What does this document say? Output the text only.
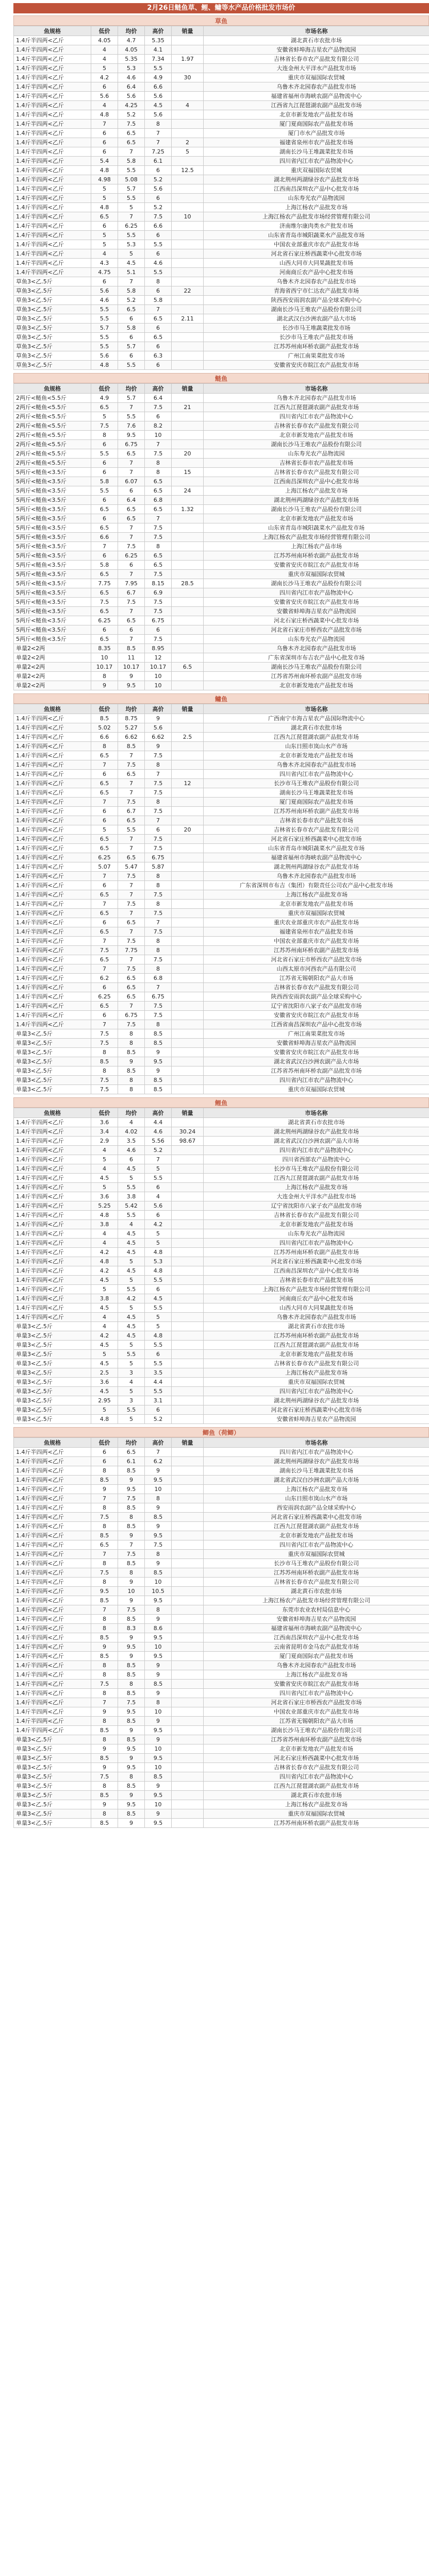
2月26日鲢鱼草、鲤、鳙等水产品价格批发市场价
草鱼
鱼规格	低价	均价	高价	销量	市场名称
1.4斤半四两<乙斤	4.05	4.7	5.35		湖北黄石市农批市场
1.4斤半四两<乙斤	4	4.05	4.1		安徽省蚌埠海吉星农产品物流园
1.4斤半四两<乙斤	4	5.35	7.34	1.97	吉林省长春市农产品批发有限公司
1.4斤半四两<乙斤	5	5.3	5.5		大连金州大平洋水产品批发市场
1.4斤半四两<乙斤	4.2	4.6	4.9	30	重庆市双福国际农贸城
1.4斤半四两<乙斤	6	6.4	6.6		乌鲁木齐北园春农产品批发市场
1.4斤半四两<乙斤	5.6	5.6	5.6		福建省福州市海峡农副产品物流中心
1.4斤半四两<乙斤	4	4.25	4.5	4	江西省九江琵琶湖农副产品批发市场
1.4斤半四两<乙斤	4.8	5.2	5.6		北京市新发地农产品批发市场
1.4斤半四两<乙斤	7	7.5	8		厦门夏商国际农产品批发市场
1.4斤半四两<乙斤	6	6.5	7		厦门市水产品批发市场
1.4斤半四两<乙斤	6	6.5	7	2	福建省泉州市农产品批发市场
1.4斤半四两<乙斤	6	7	7.25	5	湖南长沙马王堆蔬菜批发市场
1.4斤半四两<乙斤	5.4	5.8	6.1		四川省内江市农产品物流中心
1.4斤半四两<乙斤	4.8	5.5	6	12.5	重庆双福国际农贸城
1.4斤半四两<乙斤	4.98	5.08	5.2		湖北荆州两湖绿谷农产品批发市场
1.4斤半四两<乙斤	5	5.7	5.6		江西南昌深圳农产品中心批发市场
1.4斤半四两<乙斤	5	5.5	6		山东寿光农产品物流园
1.4斤半四两<乙斤	4.8	5	5.2		上海江杨农产品批发市场
1.4斤半四两<乙斤	6.5	7	7.5	10	上海江杨农产品批发市场经营管理有限公司
1.4斤半四两<乙斤	6	6.25	6.6		济南维尔康肉类水产批发市场
1.4斤半四两<乙斤	5	5.5	6		山东省青岛市城阳蔬菜水产品批发市场
1.4斤半四两<乙斤	5	5.3	5.5		中国农业部重庆市农产品批发市场
1.4斤半四两<乙斤	4	5	6		河北省石家庄桥西蔬菜中心批发市场
1.4斤半四两<乙斤	4.3	4.5	4.6		山西大同市大同果蔬批发市场
1.4斤半四两<乙斤	4.75	5.1	5.5		河南商丘农产品中心批发市场
草鱼3<乙.5斤	6	7	8		乌鲁木齐北园春农产品批发市场
草鱼3<乙.5斤	5.6	5.8	6	22	青海省西宁市仁达农产品批发市场
草鱼3<乙.5斤	4.6	5.2	5.8		陕西西安雨润农副产品全球采购中心
草鱼3<乙.5斤	5.5	6.5	7		湖南长沙马王堆农产品股份有限公司
草鱼3<乙.5斤	5.5	6	6.5	2.11	湖北武汉白沙洲农副产品大市场
草鱼3<乙.5斤	5.7	5.8	6		长沙市马王堆蔬菜批发市场
草鱼3<乙.5斤	5.5	6	6.5		长沙市马王堆农产品批发市场
草鱼3<乙.5斤	5.5	5.7	6		江苏苏州南环桥农副产品批发市场
草鱼3<乙.5斤	5.6	6	6.3		广州江南果菜批发市场
草鱼3<乙.5斤	4.8	5.5	6		安徽省安庆市皖江农产品批发市场
鲢鱼
鱼规格	低价	均价	高价	销量	市场名称
2两斤<鲢鱼<5.5斤	4.9	5.7	6.4		乌鲁木齐北园春农产品批发市场
2两斤<鲢鱼<5.5斤	6.5	7	7.5	21	江西九江琵琶湖农副产品批发市场
2两斤<鲢鱼<5.5斤	5	5.5	6		四川省内江市农产品物流中心
2两斤<鲢鱼<5.5斤	7.5	7.6	8.2		吉林省长春市农产品批发有限公司
2两斤<鲢鱼<5.5斤	8	9.5	10		北京市新发地农产品批发市场
2两斤<鲢鱼<5.5斤	6	6.75	7		湖南长沙马王堆农产品股份有限公司
2两斤<鲢鱼<5.5斤	5.5	6.5	7.5	20	山东寿光农产品物流园
2两斤<鲢鱼<5.5斤	6	7	8		吉林省长春市农产品批发市场
5两斤<鲢鱼<3.5斤	6	7	8	15	吉林省长春市农产品批发有限公司
5两斤<鲢鱼<3.5斤	5.8	6.07	6.5		江西南昌深圳农产品中心批发市场
5两斤<鲢鱼<3.5斤	5.5	6	6.5	24	上海江杨农产品批发市场
5两斤<鲢鱼<3.5斤	6	6.4	6.8		湖北荆州两湖绿谷农产品批发市场
5两斤<鲢鱼<3.5斤	6.5	6.5	6.5	1.32	湖南长沙马王堆农产品股份有限公司
5两斤<鲢鱼<3.5斤	6	6.5	7		北京市新发地农产品批发市场
5两斤<鲢鱼<3.5斤	6.5	7	7.5		山东省青岛市城阳蔬菜水产品批发市场
5两斤<鲢鱼<3.5斤	6.6	7	7.5		上海江杨农产品批发市场经营管理有限公司
5两斤<鲢鱼<3.5斤	7	7.5	8		上海江杨农产品市场
5两斤<鲢鱼<3.5斤	6	6.25	6.5		江苏苏州南环桥农副产品批发市场
5两斤<鲢鱼<3.5斤	5.8	6	6.5		安徽省安庆市皖江农产品批发市场
5两斤<鲢鱼<3.5斤	6.5	7	7.5		重庆市双福国际农贸城
5两斤<鲢鱼<3.5斤	7.75	7.95	8.15	28.5	湖南长沙马王堆农产品股份有限公司
5两斤<鲢鱼<3.5斤	6.5	6.7	6.9		四川省内江市农产品物流中心
5两斤<鲢鱼<3.5斤	7.5	7.5	7.5		安徽省安庆市皖江农产品批发市场
5两斤<鲢鱼<3.5斤	6.5	7	7.5		安徽省蚌埠海吉星农产品物流园
5两斤<鲢鱼<3.5斤	6.25	6.5	6.75		河北石家庄桥西蔬菜中心批发市场
5两斤<鲢鱼<3.5斤	6	6	6		河北省石家庄市桥西农产品批发市场
5两斤<鲢鱼<3.5斤	6.5	7	7.5		山东寿光农产品物流园
单量2<2两	8.35	8.5	8.95		乌鲁木齐北园春农产品批发市场
单量2<2两	10	11	12		广东省深圳市布吉农产品中心批发市场
单量2<2两	10.17	10.17	10.17	6.5	湖南长沙马王堆农产品股份有限公司
单量2<2两	8	9	10		江苏省苏州南环桥农副产品批发市场
单量2<2两	9	9.5	10		北京市新发地农产品批发市场
鳙鱼
鱼规格	低价	均价	高价	销量	市场名称
1.4斤半四两<乙斤	8.5	8.75	9		广西南宁市海吉星农产品国际物流中心
1.4斤半四两<乙斤	5.02	5.27	5.6		湖北黄石市农批市场
1.4斤半四两<乙斤	6.6	6.62	6.62	2.5	江西九江琵琶湖农副产品批发市场
1.4斤半四两<乙斤	8	8.5	9		山东日照市岚山水产市场
1.4斤半四两<乙斤	6.5	7	7.5		北京市新发地农产品批发市场
1.4斤半四两<乙斤	7	7.5	8		乌鲁木齐北园春农产品批发市场
1.4斤半四两<乙斤	6	6.5	7		四川省内江市农产品物流中心
1.4斤半四两<乙斤	6.5	7	7.5	12	长沙市马王堆农产品股份有限公司
1.4斤半四两<乙斤	6.5	7	7.5		湖南长沙马王堆蔬菜批发市场
1.4斤半四两<乙斤	7	7.5	8		厦门夏商国际农产品批发市场
1.4斤半四两<乙斤	6	6.7	7.5		江苏苏州南环桥农副产品批发市场
1.4斤半四两<乙斤	6	6.5	7		吉林省长春市农产品批发市场
1.4斤半四两<乙斤	5	5.5	6	20	吉林省长春市农产品批发有限公司
1.4斤半四两<乙斤	6.5	7	7.5		河北省石家庄桥西蔬菜中心批发市场
1.4斤半四两<乙斤	6.5	7	7.5		山东省青岛市城阳蔬菜水产品批发市场
1.4斤半四两<乙斤	6.25	6.5	6.75		福建省福州市海峡农副产品物流中心
1.4斤半四两<乙斤	5.07	5.47	5.87		湖北荆州两湖绿谷农产品批发市场
1.4斤半四两<乙斤	7	7.5	8		乌鲁木齐北园春农产品批发市场
1.4斤半四两<乙斤	6	7	8		广东省深圳市布吉（集团）有限责任公司农产品中心批发市场
1.4斤半四两<乙斤	6.5	7	7.5		上海江杨农产品批发市场
1.4斤半四两<乙斤	7	7.5	8		北京市新发地农产品批发市场
1.4斤半四两<乙斤	6.5	7	7.5		重庆市双福国际农贸城
1.4斤半四两<乙斤	6	6.5	7		重庆农业部重庆市农产品批发市场
1.4斤半四两<乙斤	6.5	7	7.5		福建省泉州市农产品批发市场
1.4斤半四两<乙斤	7	7.5	8		中国农业部重庆市农产品批发市场
1.4斤半四两<乙斤	7.5	7.75	8		江苏苏州南环桥农副产品批发市场
1.4斤半四两<乙斤	6.5	7	7.5		河北省石家庄市桥西农产品批发市场
1.4斤半四两<乙斤	7	7.5	8		山西太原市河西农产品有限公司
1.4斤半四两<乙斤	6.2	6.5	6.8		江苏省无锡朝阳农产品大市场
1.4斤半四两<乙斤	6	6.5	7		吉林省长春市农产品批发有限公司
1.4斤半四两<乙斤	6.25	6.5	6.75		陕西西安雨润农副产品全球采购中心
1.4斤半四两<乙斤	6.5	7	7.5		辽宁省沈阳市八家子农产品批发市场
1.4斤半四两<乙斤	6	6.75	7.5		安徽省安庆市皖江农产品批发市场
1.4斤半四两<乙斤	7	7.5	8		江西省南昌深圳农产品中心批发市场
单量3<乙.5斤	7.5	8	8.5		广州江南果菜批发市场
单量3<乙.5斤	7.5	8	8.5		安徽省蚌埠海吉星农产品物流园
单量3<乙.5斤	8	8.5	9		安徽省安庆市皖江农产品批发市场
单量3<乙.5斤	8.5	9	9.5		湖北省武汉白沙洲农副产品大市场
单量3<乙.5斤	8	8.5	9		江苏省苏州南环桥农副产品批发市场
单量3<乙.5斤	7.5	8	8.5		四川省内江市农产品物流中心
单量3<乙.5斤	7.5	8	8.5		重庆市双福国际农贸城
鲤鱼
鱼规格	低价	均价	高价	销量	市场名称
1.4斤半四两<乙斤	3.6	4	4.4		湖北省黄石市农批市场
1.4斤半四两<乙斤	3.4	4.02	4.6	30.24	湖北荆州两湖绿谷农产品批发市场
1.4斤半四两<乙斤	2.9	3.5	5.56	98.67	湖北省武汉白沙洲农副产品大市场
1.4斤半四两<乙斤	4	4.6	5.2		四川省内江市农产品物流中心
1.4斤半四两<乙斤	5	6	7		四川省西部农产品物流中心
1.4斤半四两<乙斤	4	4.5	5		长沙市马王堆农产品股份有限公司
1.4斤半四两<乙斤	4.5	5	5.5		江西九江琵琶湖农副产品批发市场
1.4斤半四两<乙斤	5	5.5	6		上海江杨农产品批发市场
1.4斤半四两<乙斤	3.6	3.8	4		大连金州大平洋水产品批发市场
1.4斤半四两<乙斤	5.25	5.42	5.6		辽宁省沈阳市八家子农产品批发市场
1.4斤半四两<乙斤	4.8	5.5	6		吉林省长春市农产品批发有限公司
1.4斤半四两<乙斤	3.8	4	4.2		北京市新发地农产品批发市场
1.4斤半四两<乙斤	4	4.5	5		山东寿光农产品物流园
1.4斤半四两<乙斤	4	4.5	5		四川省内江市农产品物流中心
1.4斤半四两<乙斤	4.2	4.5	4.8		江苏苏州南环桥农副产品批发市场
1.4斤半四两<乙斤	4.8	5	5.3		河北省石家庄桥西蔬菜中心批发市场
1.4斤半四两<乙斤	4.2	4.5	4.8		江西南昌深圳农产品中心批发市场
1.4斤半四两<乙斤	4.5	5	5.5		吉林省长春市农产品批发市场
1.4斤半四两<乙斤	5	5.5	6		上海江杨农产品批发市场经营管理有限公司
1.4斤半四两<乙斤	3.8	4.2	4.5		河南商丘农产品中心批发市场
1.4斤半四两<乙斤	4.5	5	5.5		山西大同市大同果蔬批发市场
1.4斤半四两<乙斤	4	4.5	5		乌鲁木齐北园春农产品批发市场
单量3<乙.5斤	4	4.5	5		湖北省黄石市农批市场
单量3<乙.5斤	4.2	4.5	4.8		江苏苏州南环桥农副产品批发市场
单量3<乙.5斤	4.5	5	5.5		江西九江琵琶湖农副产品批发市场
单量3<乙.5斤	5	5.5	6		北京市新发地农产品批发市场
单量3<乙.5斤	4.5	5	5.5		吉林省长春市农产品批发有限公司
单量3<乙.5斤	2.5	3	3.5		上海江杨农产品批发市场
单量3<乙.5斤	3.6	4	4.4		重庆市双福国际农贸城
单量3<乙.5斤	4.5	5	5.5		四川省内江市农产品物流中心
单量3<乙.5斤	2.95	3	3.1		湖北荆州两湖绿谷农产品批发市场
单量3<乙.5斤	5	5.5	6		河北省石家庄桥西蔬菜中心批发市场
单量3<乙.5斤	4.8	5	5.2		安徽省蚌埠海吉星农产品物流园
鲫鱼（荷鲫）
鱼规格	低价	均价	高价	销量	市场名称
1.4斤半四两<乙斤	6	6.5	7		四川省内江市农产品物流中心
1.4斤半四两<乙斤	6	6.1	6.2		湖北荆州两湖绿谷农产品批发市场
1.4斤半四两<乙斤	8	8.5	9		湖南长沙马王堆蔬菜批发市场
1.4斤半四两<乙斤	8.5	9	9.5		湖北省武汉白沙洲农副产品大市场
1.4斤半四两<乙斤	9	9.5	10		上海江杨农产品批发市场
1.4斤半四两<乙斤	7	7.5	8		山东日照市岚山水产市场
1.4斤半四两<乙斤	8	8.5	9		西安雨润农副产品全球采购中心
1.4斤半四两<乙斤	7.5	8	8.5		河北省石家庄桥西蔬菜中心批发市场
1.4斤半四两<乙斤	8	8.5	9		江西九江琵琶湖农副产品批发市场
1.4斤半四两<乙斤	8.5	9	9.5		北京市新发地农产品批发市场
1.4斤半四两<乙斤	6.5	7	7.5		四川省内江市农产品物流中心
1.4斤半四两<乙斤	7	7.5	8		重庆市双福国际农贸城
1.4斤半四两<乙斤	8	8.5	9		长沙市马王堆农产品股份有限公司
1.4斤半四两<乙斤	7.5	8	8.5		江苏苏州南环桥农副产品批发市场
1.4斤半四两<乙斤	8	9	10		吉林省长春市农产品批发有限公司
1.4斤半四两<乙斤	9.5	10	10.5		湖北黄石市农批市场
1.4斤半四两<乙斤	8.5	9	9.5		上海江杨农产品批发市场经营管理有限公司
1.4斤半四两<乙斤	7	7.5	8		东莞市农业农村局信息中心
1.4斤半四两<乙斤	8	8.5	9		安徽省蚌埠海吉星农产品物流园
1.4斤半四两<乙斤	8	8.3	8.6		福建省福州市海峡农副产品物流中心
1.4斤半四两<乙斤	8.5	9	9.5		江西南昌深圳农产品中心批发市场
1.4斤半四两<乙斤	9	9.5	10		云南省昆明市金马农产品批发市场
1.4斤半四两<乙斤	8.5	9	9.5		厦门夏商国际农产品批发市场
1.4斤半四两<乙斤	8	8.5	9		乌鲁木齐北园春农产品批发市场
1.4斤半四两<乙斤	8	8.5	9		上海江杨农产品批发市场
1.4斤半四两<乙斤	7.5	8	8.5		安徽省安庆市皖江农产品批发市场
1.4斤半四两<乙斤	8	8.5	9		四川省内江市农产品物流中心
1.4斤半四两<乙斤	7	7.5	8		河北省石家庄市桥西农产品批发市场
1.4斤半四两<乙斤	9	9.5	10		中国农业部重庆市农产品批发市场
1.4斤半四两<乙斤	8	8.5	9		江苏省无锡朝阳农产品大市场
1.4斤半四两<乙斤	8.5	9	9.5		湖南长沙马王堆农产品股份有限公司
单量3<乙.5斤	8	8.5	9		江苏省苏州南环桥农副产品批发市场
单量3<乙.5斤	9	9.5	10		北京市新发地农产品批发市场
单量3<乙.5斤	8.5	9	9.5		河北石家庄桥西蔬菜中心批发市场
单量3<乙.5斤	9	9.5	10		吉林省长春市农产品批发有限公司
单量3<乙.5斤	7.5	8	8.5		四川省内江市农产品物流中心
单量3<乙.5斤	8	8.5	9		江西九江琵琶湖农副产品批发市场
单量3<乙.5斤	8.5	9	9.5		湖北黄石市农批市场
单量3<乙.5斤	9	9.5	10		上海江杨农产品批发市场
单量3<乙.5斤	8	8.5	9		重庆市双福国际农贸城
单量3<乙.5斤	8.5	9	9.5		江苏苏州南环桥农副产品批发市场
